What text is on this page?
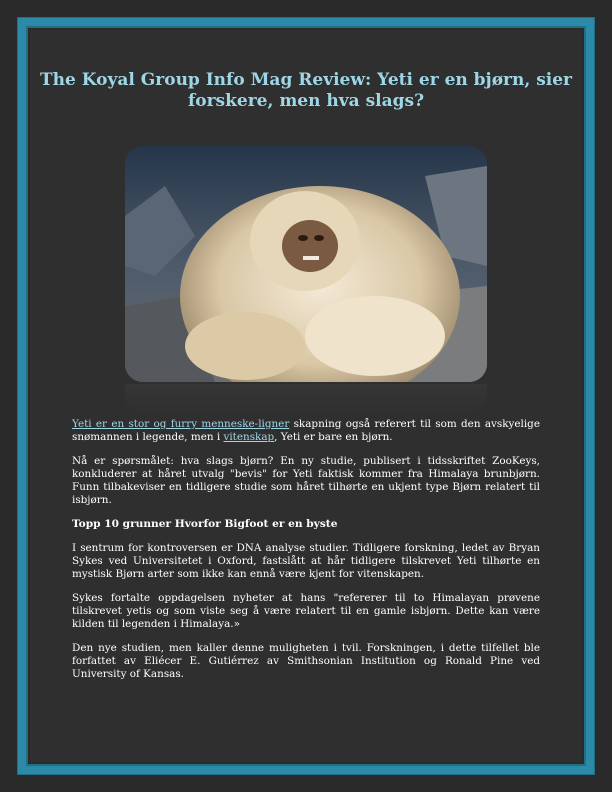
The Koyal Group Info Mag Review: Yeti er en bjørn, sier forskere, men hva slags?

Yeti er en stor og furry menneske-ligner skapning også referert til som den avskyelige snømannen i legende, men i vitenskap, Yeti er bare en bjørn.

Nå er spørsmålet: hva slags bjørn? En ny studie, publisert i tidsskriftet ZooKeys, konkluderer at håret utvalg "bevis" for Yeti faktisk kommer fra Himalaya brunbjørn. Funn tilbakeviser en tidligere studie som håret tilhørte en ukjent type Bjørn relatert til isbjørn.

Topp 10 grunner Hvorfor Bigfoot er en byste

I sentrum for kontroversen er DNA analyse studier. Tidligere forskning, ledet av Bryan Sykes ved Universitetet i Oxford, fastslått at hår tidligere tilskrevet Yeti tilhørte en mystisk Bjørn arter som ikke kan ennå være kjent for vitenskapen.

Sykes fortalte oppdagelsen nyheter at hans "refererer til to Himalayan prøvene tilskrevet yetis og som viste seg å være relatert til en gamle isbjørn. Dette kan være kilden til legenden i Himalaya.»

Den nye studien, men kaller denne muligheten i tvil. Forskningen, i dette tilfellet ble forfattet av Eliécer E. Gutiérrez av Smithsonian Institution og Ronald Pine ved University of Kansas.
